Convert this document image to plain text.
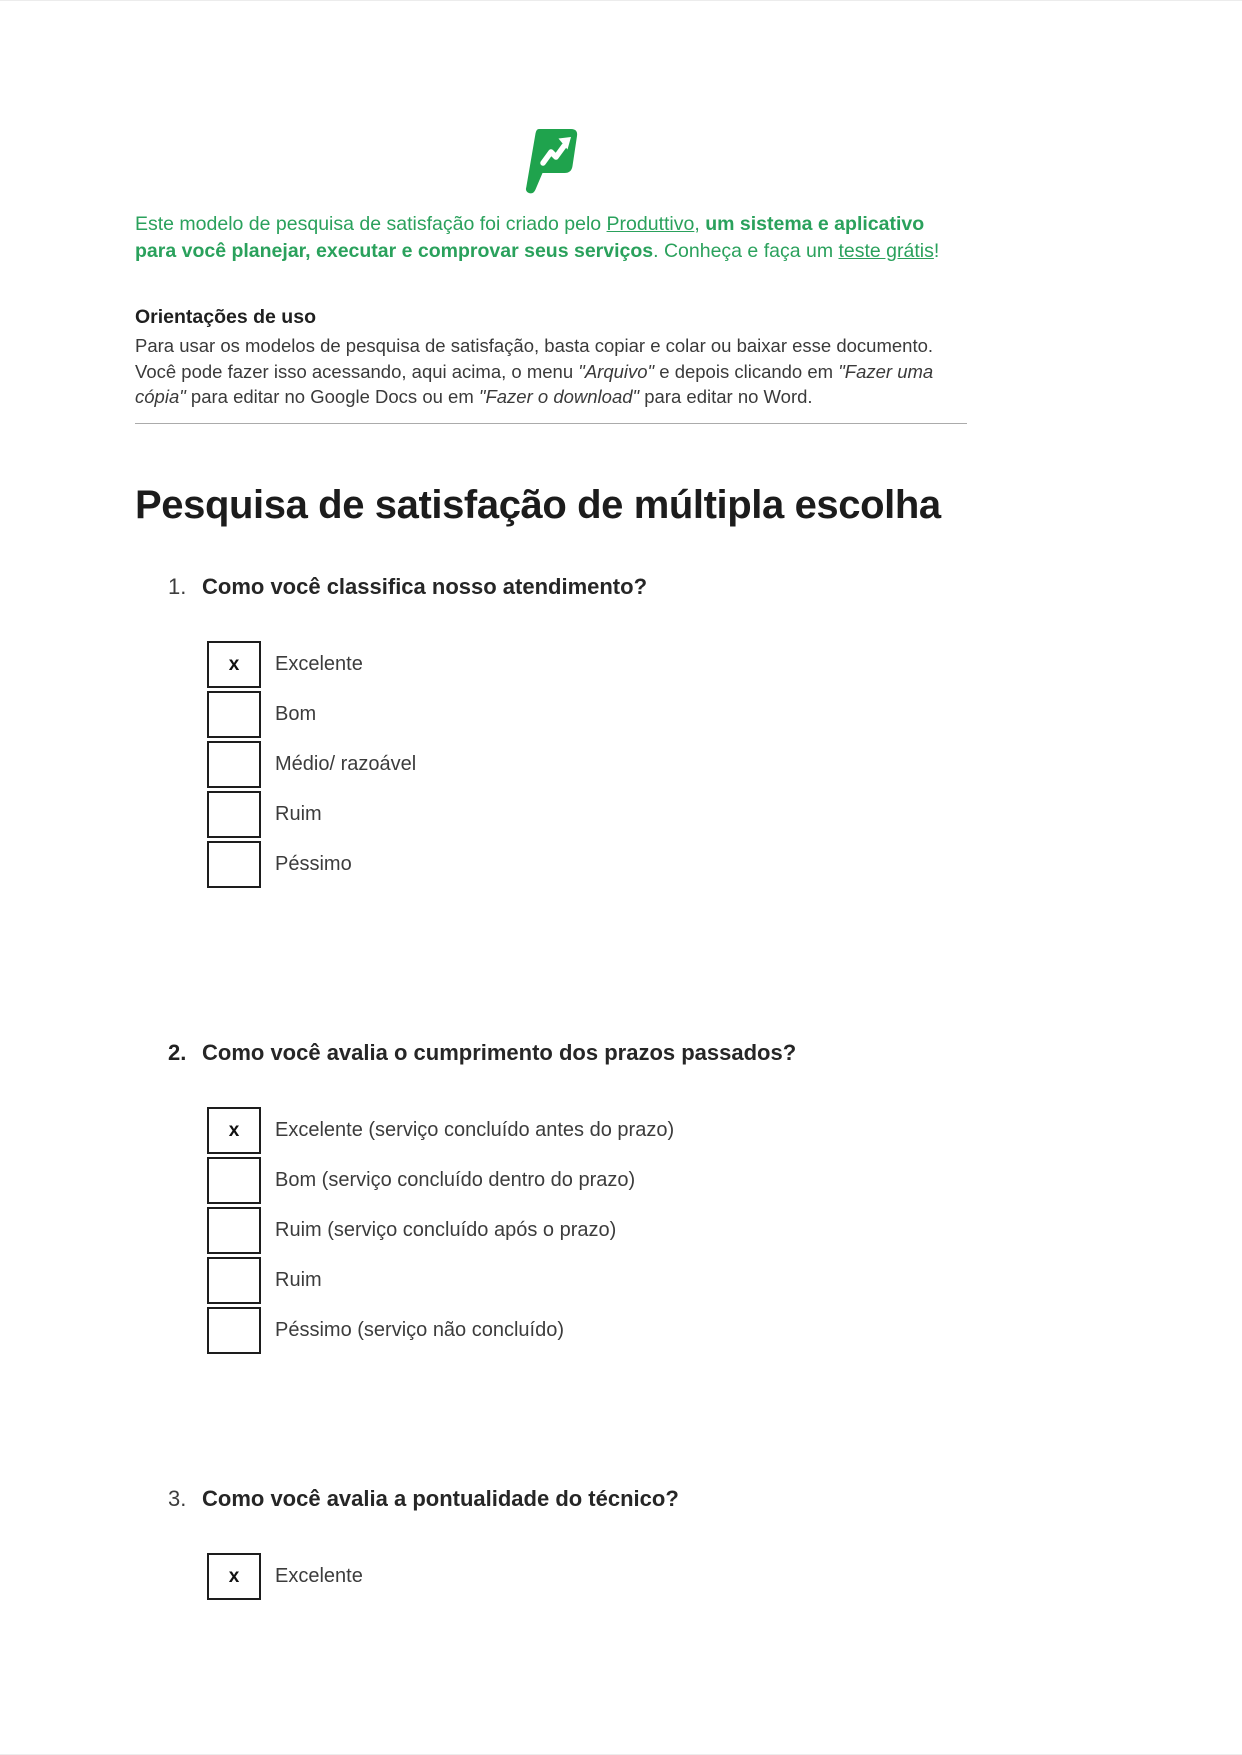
Este modelo de pesquisa de satisfação foi criado pelo Produttivo, um sistema e aplicativo para você planejar, executar e comprovar seus serviços. Conheça e faça um teste grátis!

Orientações de uso

Para usar os modelos de pesquisa de satisfação, basta copiar e colar ou baixar esse documento. Você pode fazer isso acessando, aqui acima, o menu "Arquivo" e depois clicando em "Fazer uma cópia" para editar no Google Docs ou em "Fazer o download" para editar no Word.

Pesquisa de satisfação de múltipla escolha
1. Como você classifica nosso atendimento?
x Excelente
Bom
Médio/ razoável
Ruim
Péssimo
2. Como você avalia o cumprimento dos prazos passados?
x Excelente (serviço concluído antes do prazo)
Bom (serviço concluído dentro do prazo)
Ruim (serviço concluído após o prazo)
Ruim
Péssimo (serviço não concluído)
3. Como você avalia a pontualidade do técnico?
x Excelente
